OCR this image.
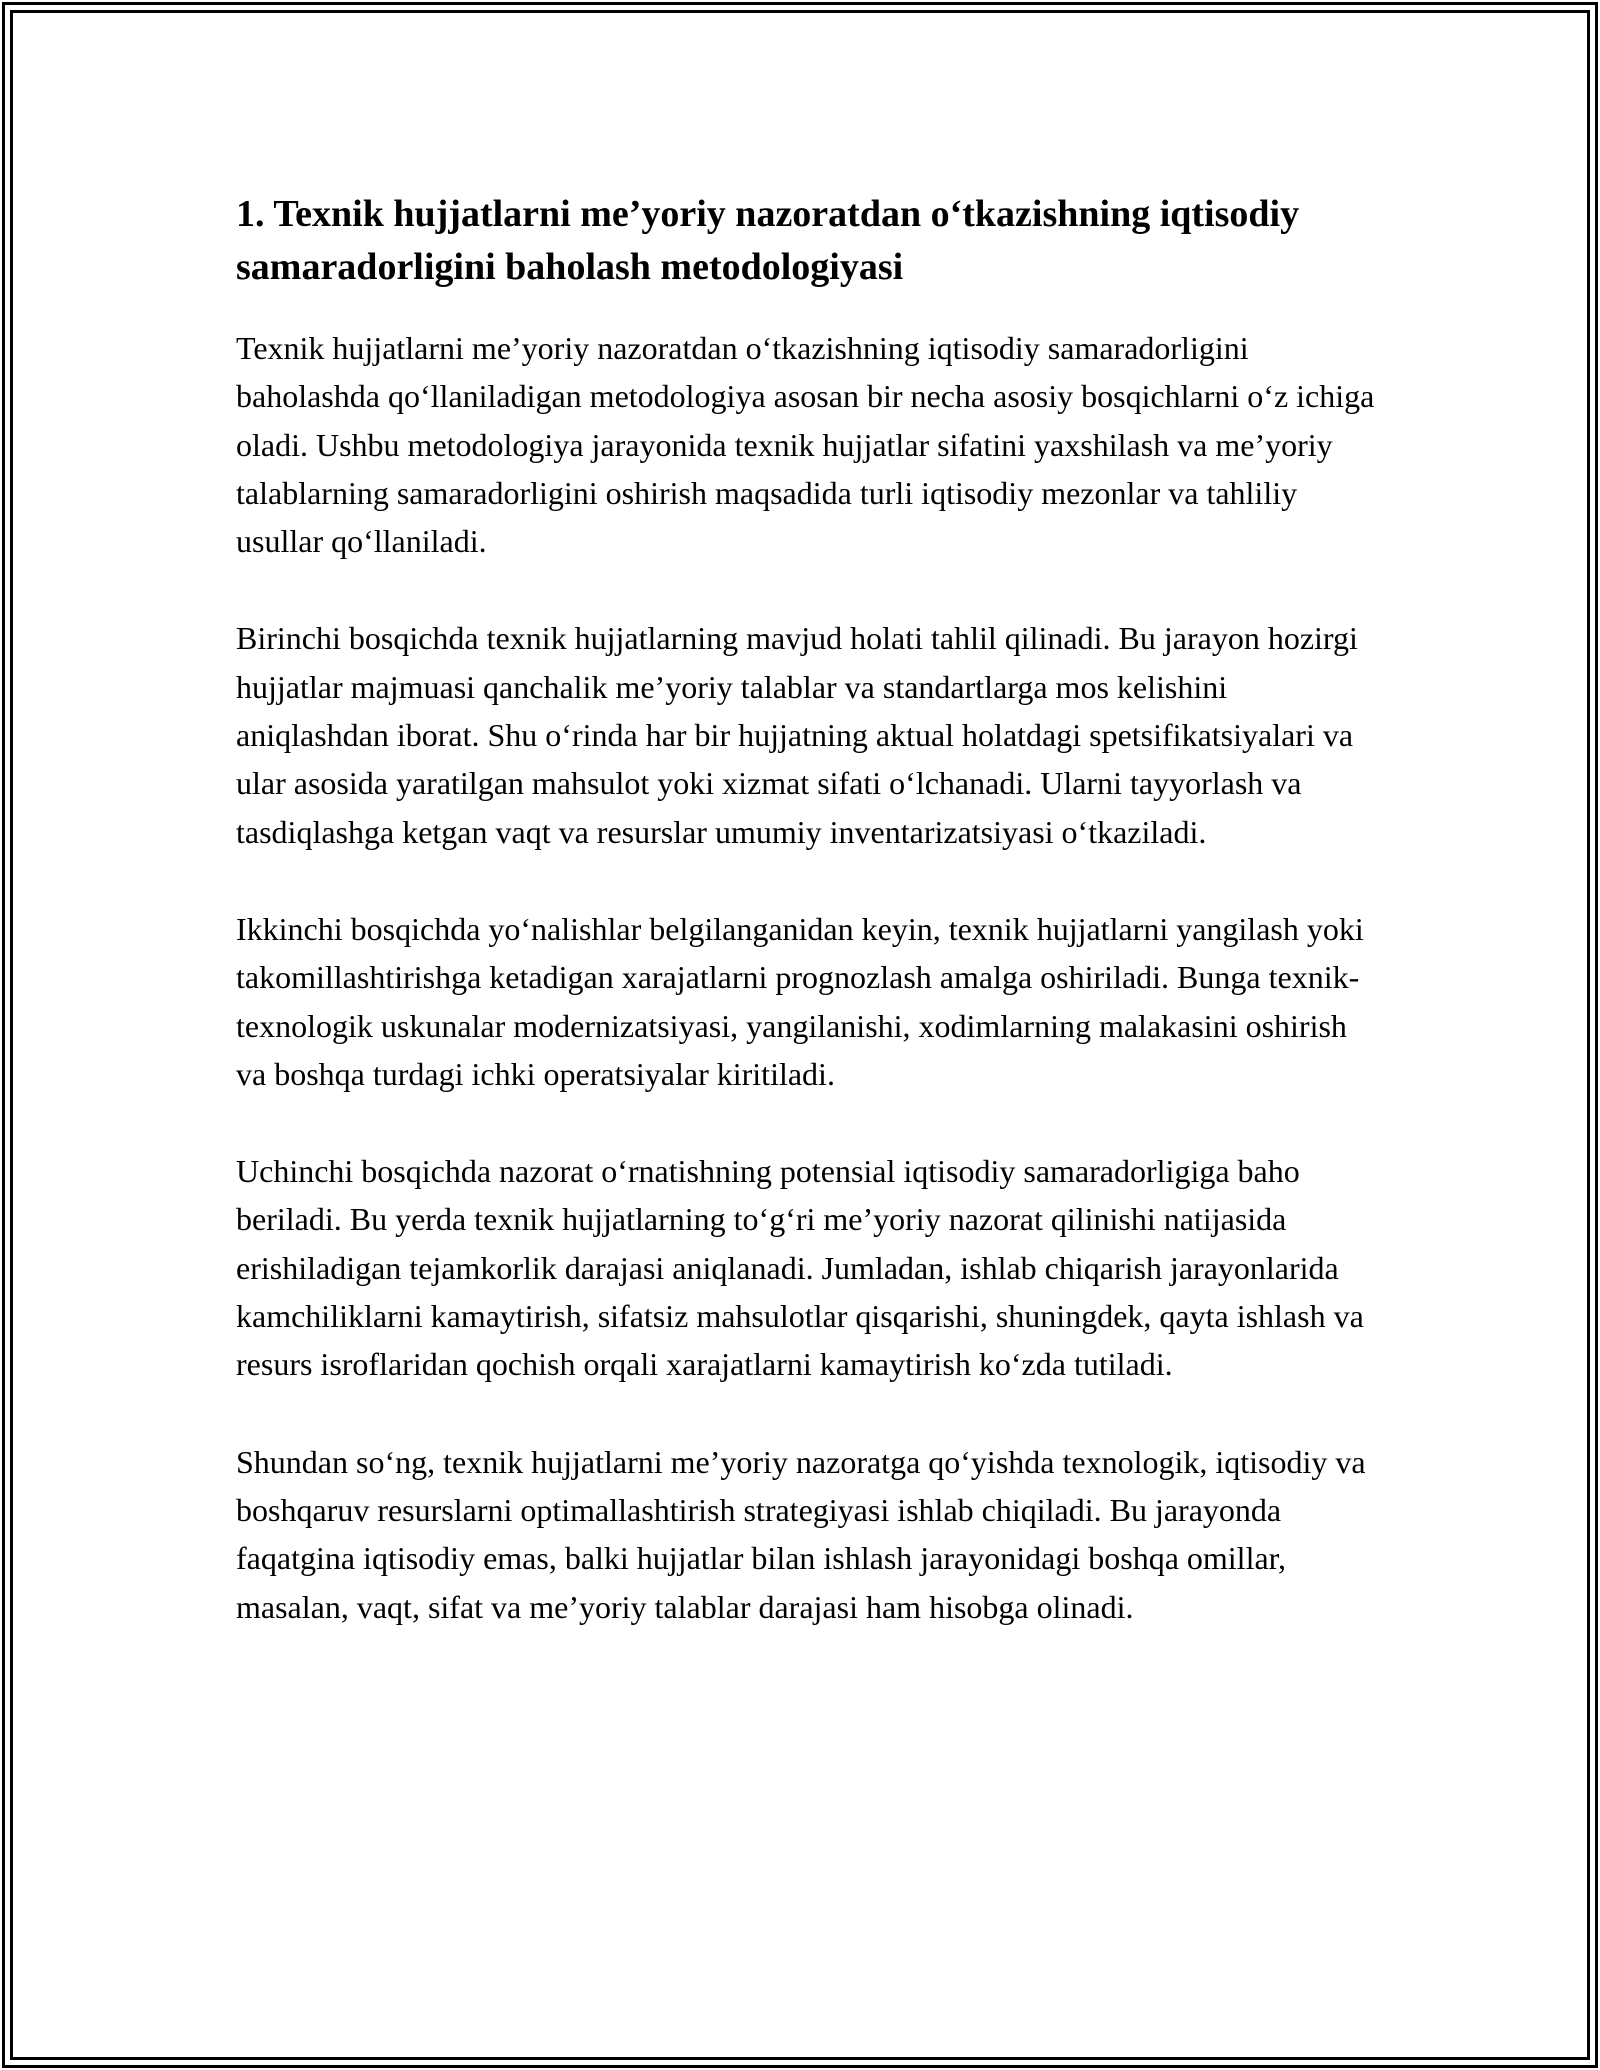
1. Texnik hujjatlarni me’yoriy nazoratdan o‘tkazishning iqtisodiy samaradorligini baholash metodologiyasi

Texnik hujjatlarni me’yoriy nazoratdan o‘tkazishning iqtisodiy samaradorligini baholashda qo‘llaniladigan metodologiya asosan bir necha asosiy bosqichlarni o‘z ichiga oladi. Ushbu metodologiya jarayonida texnik hujjatlar sifatini yaxshilash va me’yoriy talablarning samaradorligini oshirish maqsadida turli iqtisodiy mezonlar va tahliliy usullar qo‘llaniladi.

Birinchi bosqichda texnik hujjatlarning mavjud holati tahlil qilinadi. Bu jarayon hozirgi hujjatlar majmuasi qanchalik me’yoriy talablar va standartlarga mos kelishini aniqlashdan iborat. Shu o‘rinda har bir hujjatning aktual holatdagi spetsifikatsiyalari va ular asosida yaratilgan mahsulot yoki xizmat sifati o‘lchanadi. Ularni tayyorlash va tasdiqlashga ketgan vaqt va resurslar umumiy inventarizatsiyasi o‘tkaziladi.

Ikkinchi bosqichda yo‘nalishlar belgilanganidan keyin, texnik hujjatlarni yangilash yoki takomillashtirishga ketadigan xarajatlarni prognozlash amalga oshiriladi. Bunga texnik-texnologik uskunalar modernizatsiyasi, yangilanishi, xodimlarning malakasini oshirish va boshqa turdagi ichki operatsiyalar kiritiladi.

Uchinchi bosqichda nazorat o‘rnatishning potensial iqtisodiy samaradorligiga baho beriladi. Bu yerda texnik hujjatlarning to‘g‘ri me’yoriy nazorat qilinishi natijasida erishiladigan tejamkorlik darajasi aniqlanadi. Jumladan, ishlab chiqarish jarayonlarida kamchiliklarni kamaytirish, sifatsiz mahsulotlar qisqarishi, shuningdek, qayta ishlash va resurs isroflaridan qochish orqali xarajatlarni kamaytirish ko‘zda tutiladi.

Shundan so‘ng, texnik hujjatlarni me’yoriy nazoratga qo‘yishda texnologik, iqtisodiy va boshqaruv resurslarni optimallashtirish strategiyasi ishlab chiqiladi. Bu jarayonda faqatgina iqtisodiy emas, balki hujjatlar bilan ishlash jarayonidagi boshqa omillar, masalan, vaqt, sifat va me’yoriy talablar darajasi ham hisobga olinadi.
